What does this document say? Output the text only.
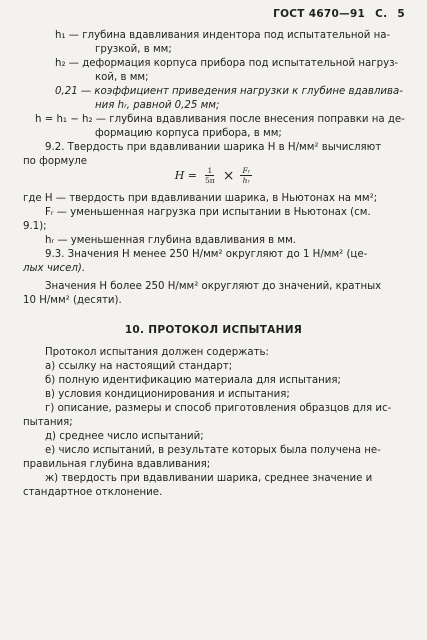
ГОСТ 4670—91 С. 5
h₁ — глубина вдавливания индентора под испытательной на-
грузкой, в мм;
h₂ — деформация корпуса прибора под испытательной нагруз-
кой, в мм;
0,21 — коэффициент приведения нагрузки к глубине вдавлива-
ния hᵣ, равной 0,25 мм;
h = h₁ − h₂ — глубина вдавливания после внесения поправки на де-
формацию корпуса прибора, в мм;
9.2. Твердость при вдавливании шарика H в Н/мм² вычисляют
по формуле
$H = \frac{1}{5\pi} \times \frac{\text{Fᵣ}}{\text{hᵣ}}$
где H — твердость при вдавливании шарика, в Ньютонах на мм²;
Fᵣ — уменьшенная нагрузка при испытании в Ньютонах (см.
9.1);
hᵣ — уменьшенная глубина вдавливания в мм.
9.3. Значения H менее 250 Н/мм² округляют до 1 Н/мм² (це-
лых чисел).
Значения H более 250 Н/мм² округляют до значений, кратных
10 Н/мм² (десяти).
10. ПРОТОКОЛ ИСПЫТАНИЯ
Протокол испытания должен содержать:
а) ссылку на настоящий стандарт;
б) полную идентификацию материала для испытания;
в) условия кондиционирования и испытания;
г) описание, размеры и способ приготовления образцов для ис-
пытания;
д) среднее число испытаний;
е) число испытаний, в результате которых была получена не-
правильная глубина вдавливания;
ж) твердость при вдавливании шарика, среднее значение и
стандартное отклонение.
